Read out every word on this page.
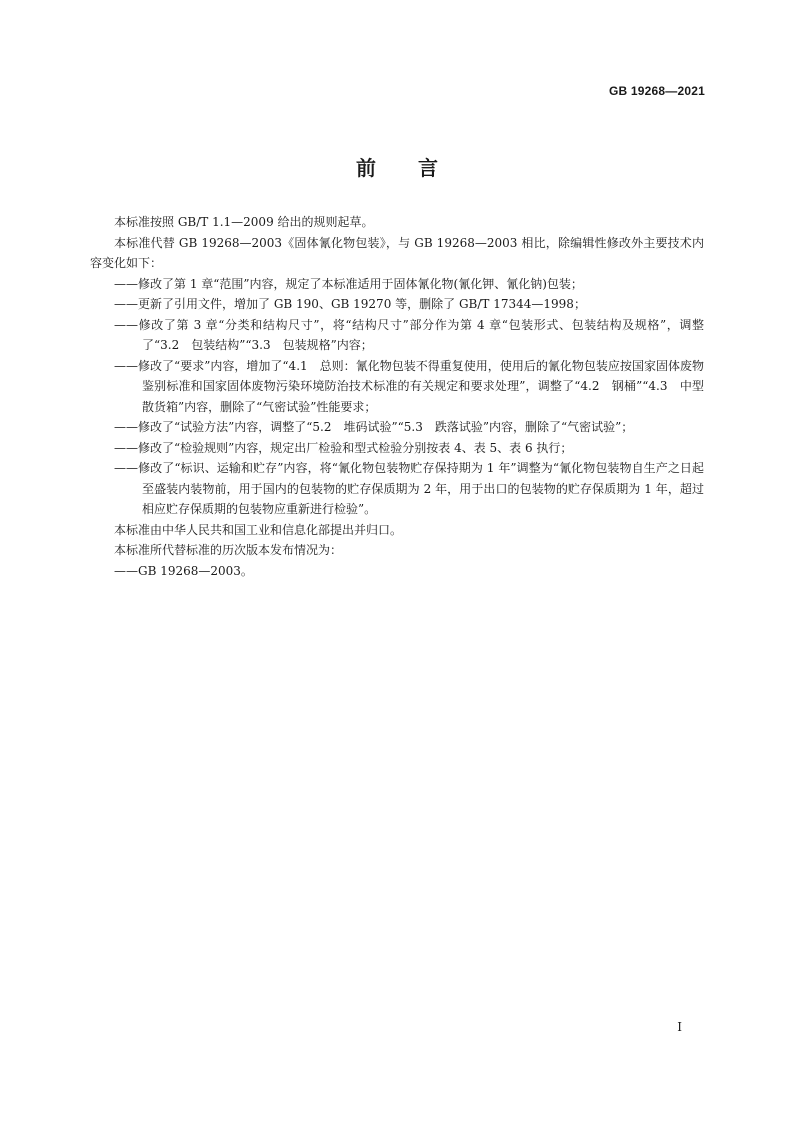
GB 19268—2021
前 言

本标准按照 GB/T 1.1—2009 给出的规则起草。

本标准代替 GB 19268—2003《固体氰化物包装》，与 GB 19268—2003 相比，除编辑性修改外主要技术内容变化如下：

——修改了第 1 章“范围”内容，规定了本标准适用于固体氰化物(氰化钾、氰化钠)包装；

——更新了引用文件，增加了 GB 190、GB 19270 等，删除了 GB/T 17344—1998；

——修改了第 3 章“分类和结构尺寸”，将“结构尺寸”部分作为第 4 章“包装形式、包装结构及规格”，调整了“3.2　包装结构”“3.3　包装规格”内容；

——修改了“要求”内容，增加了“4.1　总则：氰化物包装不得重复使用，使用后的氰化物包装应按国家固体废物鉴别标准和国家固体废物污染环境防治技术标准的有关规定和要求处理”，调整了“4.2　钢桶”“4.3　中型散货箱”内容，删除了“气密试验”性能要求；

——修改了“试验方法”内容，调整了“5.2　堆码试验”“5.3　跌落试验”内容，删除了“气密试验”；

——修改了“检验规则”内容，规定出厂检验和型式检验分别按表 4、表 5、表 6 执行；

——修改了“标识、运输和贮存”内容，将“氰化物包装物贮存保持期为 1 年”调整为“氰化物包装物自生产之日起至盛装内装物前，用于国内的包装物的贮存保质期为 2 年，用于出口的包装物的贮存保质期为 1 年，超过相应贮存保质期的包装物应重新进行检验”。

本标准由中华人民共和国工业和信息化部提出并归口。

本标准所代替标准的历次版本发布情况为：

——GB 19268—2003。

I
